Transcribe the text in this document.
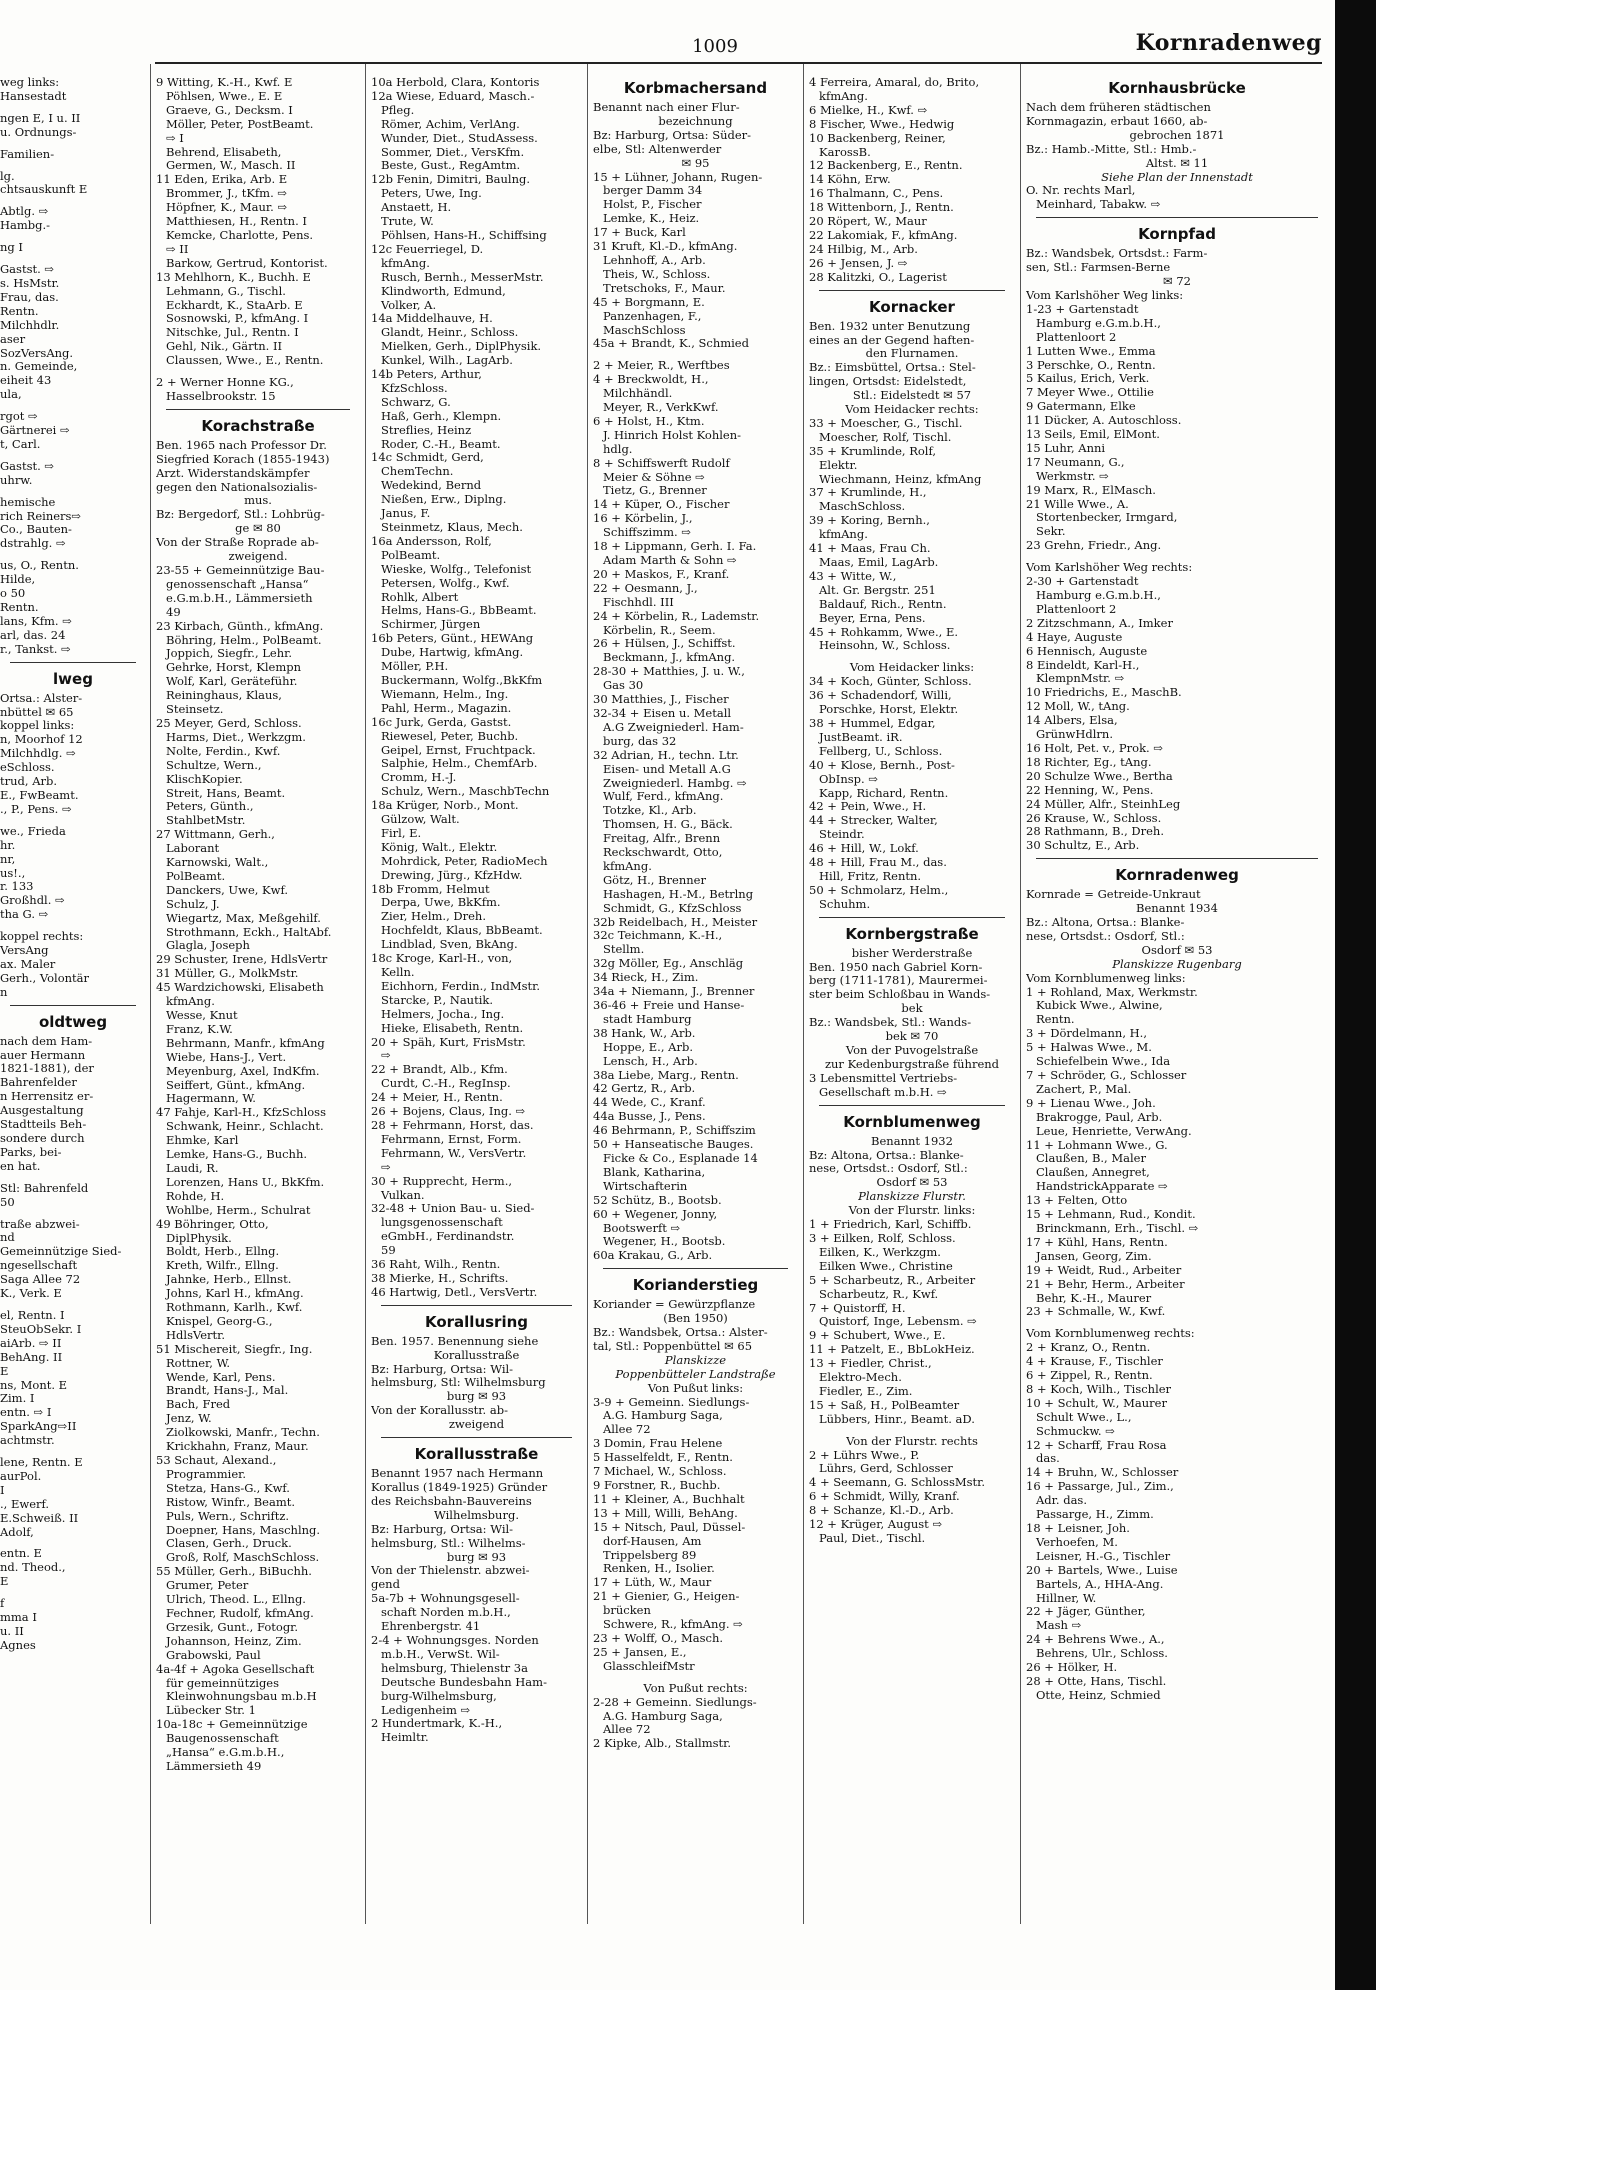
1009	Kornradenweg
weg links:
Hansestadt
ngen E, I u. II
u. Ordnungs-
Familien-
lg.
chtsauskunft E
Abtlg. ⇨
Hambg.-
ng I
Gastst. ⇨
s. HsMstr.
Frau, das.
Rentn.
Milchhdlr.
aser
SozVersAng.
n. Gemeinde,
eiheit 43
ula,
rgot ⇨
Gärtnerei ⇨
t, Carl.
Gastst. ⇨
uhrw.
hemische
rich Reiners⇨
Co., Bauten-
dstrahlg. ⇨
us, O., Rentn.
Hilde,
o 50
Rentn.
lans, Kfm. ⇨
arl, das. 24
r., Tankst. ⇨
lweg
Ortsa.: Alster-
nbüttel ✉ 65
koppel links:
n, Moorhof 12
Milchhdlg. ⇨
eSchloss.
trud, Arb.
E., FwBeamt.
., P., Pens. ⇨
we., Frieda
hr.
nr,
us!.,
r. 133
Großhdl. ⇨
tha G. ⇨
koppel rechts:
VersAng
ax. Maler
Gerh., Volontär
n
oldtweg
nach dem Ham-
auer Hermann
1821-1881), der
Bahrenfelder
n Herrensitz er-
Ausgestaltung
Stadtteils Beh-
sondere durch
Parks, bei-
en hat.
Stl: Bahrenfeld
50
traße abzwei-
nd
Gemeinnützige Sied-
ngesellschaft
Saga Allee 72
K., Verk. E
el, Rentn. I
SteuObSekr. I
aiArb. ⇨ II
BehAng. II
E
ns, Mont. E
Zim. I
entn. ⇨ I
SparkAng⇨II
achtmstr.
lene, Rentn. E
aurPol.
I
., Ewerf.
E.Schweiß. II
Adolf,
entn. E
nd. Theod.,
E
f
mma I
u. II
Agnes
9 Witting, K.-H., Kwf. E
Pöhlsen, Wwe., E. E
Graeve, G., Decksm. I
Möller, Peter, PostBeamt.
⇨ I
Behrend, Elisabeth,
Germen, W., Masch. II
11 Eden, Erika, Arb. E
Brommer, J., tKfm. ⇨
Höpfner, K., Maur. ⇨
Matthiesen, H., Rentn. I
Kemcke, Charlotte, Pens.
⇨ II
Barkow, Gertrud, Kontorist.
13 Mehlhorn, K., Buchh. E
Lehmann, G., Tischl.
Eckhardt, K., StaArb. E
Sosnowski, P., kfmAng. I
Nitschke, Jul., Rentn. I
Gehl, Nik., Gärtn. II
Claussen, Wwe., E., Rentn.
2 + Werner Honne KG.,
Hasselbrookstr. 15
Korachstraße
Ben. 1965 nach Professor Dr.
Siegfried Korach (1855-1943)
Arzt. Widerstandskämpfer
gegen den Nationalsozialis-
mus.
Bz: Bergedorf, Stl.: Lohbrüg-
ge ✉ 80
Von der Straße Roprade ab-
zweigend.
23-55 + Gemeinnützige Bau-
genossenschaft „Hansa“
e.G.m.b.H., Lämmersieth
49
23 Kirbach, Günth., kfmAng.
Böhring, Helm., PolBeamt.
Joppich, Siegfr., Lehr.
Gehrke, Horst, Klempn
Wolf, Karl, Geräteführ.
Reininghaus, Klaus,
Steinsetz.
25 Meyer, Gerd, Schloss.
Harms, Diet., Werkzgm.
Nolte, Ferdin., Kwf.
Schultze, Wern.,
KlischKopier.
Streit, Hans, Beamt.
Peters, Günth.,
StahlbetMstr.
27 Wittmann, Gerh.,
Laborant
Karnowski, Walt.,
PolBeamt.
Danckers, Uwe, Kwf.
Schulz, J.
Wiegartz, Max, Meßgehilf.
Strothmann, Eckh., HaltAbf.
Glagla, Joseph
29 Schuster, Irene, HdlsVertr
31 Müller, G., MolkMstr.
45 Wardzichowski, Elisabeth
kfmAng.
Wesse, Knut
Franz, K.W.
Behrmann, Manfr., kfmAng
Wiebe, Hans-J., Vert.
Meyenburg, Axel, IndKfm.
Seiffert, Günt., kfmAng.
Hagermann, W.
47 Fahje, Karl-H., KfzSchloss
Schwank, Heinr., Schlacht.
Ehmke, Karl
Lemke, Hans-G., Buchh.
Laudi, R.
Lorenzen, Hans U., BkKfm.
Rohde, H.
Wohlbe, Herm., Schulrat
49 Böhringer, Otto,
DiplPhysik.
Boldt, Herb., Ellng.
Kreth, Wilfr., Ellng.
Jahnke, Herb., Ellnst.
Johns, Karl H., kfmAng.
Rothmann, Karlh., Kwf.
Knispel, Georg-G.,
HdlsVertr.
51 Mischereit, Siegfr., Ing.
Rottner, W.
Wende, Karl, Pens.
Brandt, Hans-J., Mal.
Bach, Fred
Jenz, W.
Ziolkowski, Manfr., Techn.
Krickhahn, Franz, Maur.
53 Schaut, Alexand.,
Programmier.
Stetza, Hans-G., Kwf.
Ristow, Winfr., Beamt.
Puls, Wern., Schriftz.
Doepner, Hans, Maschlng.
Clasen, Gerh., Druck.
Groß, Rolf, MaschSchloss.
55 Müller, Gerh., BiBuchh.
Grumer, Peter
Ulrich, Theod. L., Ellng.
Fechner, Rudolf, kfmAng.
Grzesik, Gunt., Fotogr.
Johannson, Heinz, Zim.
Grabowski, Paul
4a-4f + Agoka Gesellschaft
für gemeinnütziges
Kleinwohnungsbau m.b.H
Lübecker Str. 1
10a-18c + Gemeinnützige
Baugenossenschaft
„Hansa“ e.G.m.b.H.,
Lämmersieth 49
10a Herbold, Clara, Kontoris
12a Wiese, Eduard, Masch.-
Pfleg.
Römer, Achim, VerlAng.
Wunder, Diet., StudAssess.
Sommer, Diet., VersKfm.
Beste, Gust., RegAmtm.
12b Fenin, Dimitri, Baulng.
Peters, Uwe, Ing.
Anstaett, H.
Trute, W.
Pöhlsen, Hans-H., Schiffsing
12c Feuerriegel, D.
kfmAng.
Rusch, Bernh., MesserMstr.
Klindworth, Edmund,
Volker, A.
14a Middelhauve, H.
Glandt, Heinr., Schloss.
Mielken, Gerh., DiplPhysik.
Kunkel, Wilh., LagArb.
14b Peters, Arthur,
KfzSchloss.
Schwarz, G.
Haß, Gerh., Klempn.
Streflies, Heinz
Roder, C.-H., Beamt.
14c Schmidt, Gerd,
ChemTechn.
Wedekind, Bernd
Nießen, Erw., Diplng.
Janus, F.
Steinmetz, Klaus, Mech.
16a Andersson, Rolf,
PolBeamt.
Wieske, Wolfg., Telefonist
Petersen, Wolfg., Kwf.
Rohlk, Albert
Helms, Hans-G., BbBeamt.
Schirmer, Jürgen
16b Peters, Günt., HEWAng
Dube, Hartwig, kfmAng.
Möller, P.H.
Buckermann, Wolfg.,BkKfm
Wiemann, Helm., Ing.
Pahl, Herm., Magazin.
16c Jurk, Gerda, Gastst.
Riewesel, Peter, Buchb.
Geipel, Ernst, Fruchtpack.
Salphie, Helm., ChemfArb.
Cromm, H.-J.
Schulz, Wern., MaschbTechn
18a Krüger, Norb., Mont.
Gülzow, Walt.
Firl, E.
König, Walt., Elektr.
Mohrdick, Peter, RadioMech
Drewing, Jürg., KfzHdw.
18b Fromm, Helmut
Derpa, Uwe, BkKfm.
Zier, Helm., Dreh.
Hochfeldt, Klaus, BbBeamt.
Lindblad, Sven, BkAng.
18c Kroge, Karl-H., von,
Kelln.
Eichhorn, Ferdin., IndMstr.
Starcke, P., Nautik.
Helmers, Jocha., Ing.
Hieke, Elisabeth, Rentn.
20 + Späh, Kurt, FrisMstr.
⇨
22 + Brandt, Alb., Kfm.
Curdt, C.-H., RegInsp.
24 + Meier, H., Rentn.
26 + Bojens, Claus, Ing. ⇨
28 + Fehrmann, Horst, das.
Fehrmann, Ernst, Form.
Fehrmann, W., VersVertr.
⇨
30 + Rupprecht, Herm.,
Vulkan.
32-48 + Union Bau- u. Sied-
lungsgenossenschaft
eGmbH., Ferdinandstr.
59
36 Raht, Wilh., Rentn.
38 Mierke, H., Schrifts.
46 Hartwig, Detl., VersVertr.
Korallusring
Ben. 1957. Benennung siehe
Korallusstraße
Bz: Harburg, Ortsa: Wil-
helmsburg, Stl: Wilhelmsburg
burg ✉ 93
Von der Korallusstr. ab-
zweigend
Korallusstraße
Benannt 1957 nach Hermann
Korallus (1849-1925) Gründer
des Reichsbahn-Bauvereins
Wilhelmsburg.
Bz: Harburg, Ortsa: Wil-
helmsburg, Stl.: Wilhelms-
burg ✉ 93
Von der Thielenstr. abzwei-
gend
5a-7b + Wohnungsgesell-
schaft Norden m.b.H.,
Ehrenbergstr. 41
2-4 + Wohnungsges. Norden
m.b.H., VerwSt. Wil-
helmsburg, Thielenstr 3a
Deutsche Bundesbahn Ham-
burg-Wilhelmsburg,
Ledigenheim ⇨
2 Hundertmark, K.-H.,
Heimltr.
Korbmachersand
Benannt nach einer Flur-
bezeichnung
Bz: Harburg, Ortsa: Süder-
elbe, Stl: Altenwerder
✉ 95
15 + Lühner, Johann, Rugen-
berger Damm 34
Holst, P., Fischer
Lemke, K., Heiz.
17 + Buck, Karl
31 Kruft, Kl.-D., kfmAng.
Lehnhoff, A., Arb.
Theis, W., Schloss.
Tretschoks, F., Maur.
45 + Borgmann, E.
Panzenhagen, F.,
MaschSchloss
45a + Brandt, K., Schmied
2 + Meier, R., Werftbes
4 + Breckwoldt, H.,
Milchhändl.
Meyer, R., VerkKwf.
6 + Holst, H., Ktm.
J. Hinrich Holst Kohlen-
hdlg.
8 + Schiffswerft Rudolf
Meier & Söhne ⇨
Tietz, G., Brenner
14 + Küper, O., Fischer
16 + Körbelin, J.,
Schiffszimm. ⇨
18 + Lippmann, Gerh. I. Fa.
Adam Marth & Sohn ⇨
20 + Maskos, F., Kranf.
22 + Oesmann, J.,
Fischhdl. III
24 + Körbelin, R., Lademstr.
Körbelin, R., Seem.
26 + Hülsen, J., Schiffst.
Beckmann, J., kfmAng.
28-30 + Matthies, J. u. W.,
Gas 30
30 Matthies, J., Fischer
32-34 + Eisen u. Metall
A.G Zweigniederl. Ham-
burg, das 32
32 Adrian, H., techn. Ltr.
Eisen- und Metall A.G
Zweigniederl. Hambg. ⇨
Wulf, Ferd., kfmAng.
Totzke, Kl., Arb.
Thomsen, H. G., Bäck.
Freitag, Alfr., Brenn
Reckschwardt, Otto,
kfmAng.
Götz, H., Brenner
Hashagen, H.-M., Betrlng
Schmidt, G., KfzSchloss
32b Reidelbach, H., Meister
32c Teichmann, K.-H.,
Stellm.
32g Möller, Eg., Anschläg
34 Rieck, H., Zim.
34a + Niemann, J., Brenner
36-46 + Freie und Hanse-
stadt Hamburg
38 Hank, W., Arb.
Hoppe, E., Arb.
Lensch, H., Arb.
38a Liebe, Marg., Rentn.
42 Gertz, R., Arb.
44 Wede, C., Kranf.
44a Busse, J., Pens.
46 Behrmann, P., Schiffszim
50 + Hanseatische Bauges.
Ficke & Co., Esplanade 14
Blank, Katharina,
Wirtschafterin
52 Schütz, B., Bootsb.
60 + Wegener, Jonny,
Bootswerft ⇨
Wegener, H., Bootsb.
60a Krakau, G., Arb.
Korianderstieg
Koriander = Gewürzpflanze
(Ben 1950)
Bz.: Wandsbek, Ortsa.: Alster-
tal, Stl.: Poppenbüttel ✉ 65
Planskizze
Poppenbütteler Landstraße
Von Pußut links:
3-9 + Gemeinn. Siedlungs-
A.G. Hamburg Saga,
Allee 72
3 Domin, Frau Helene
5 Hasselfeldt, F., Rentn.
7 Michael, W., Schloss.
9 Forstner, R., Buchb.
11 + Kleiner, A., Buchhalt
13 + Mill, Willi, BehAng.
15 + Nitsch, Paul, Düssel-
dorf-Hausen, Am
Trippelsberg 89
Renken, H., Isolier.
17 + Lüth, W., Maur
21 + Gienier, G., Heigen-
brücken
Schwere, R., kfmAng. ⇨
23 + Wolff, O., Masch.
25 + Jansen, E.,
GlasschleifMstr
Von Pußut rechts:
2-28 + Gemeinn. Siedlungs-
A.G. Hamburg Saga,
Allee 72
2 Kipke, Alb., Stallmstr.
4 Ferreira, Amaral, do, Brito,
kfmAng.
6 Mielke, H., Kwf. ⇨
8 Fischer, Wwe., Hedwig
10 Backenberg, Reiner,
KarossB.
12 Backenberg, E., Rentn.
14 Köhn, Erw.
16 Thalmann, C., Pens.
18 Wittenborn, J., Rentn.
20 Röpert, W., Maur
22 Lakomiak, F., kfmAng.
24 Hilbig, M., Arb.
26 + Jensen, J. ⇨
28 Kalitzki, O., Lagerist
Kornacker
Ben. 1932 unter Benutzung
eines an der Gegend haften-
den Flurnamen.
Bz.: Eimsbüttel, Ortsa.: Stel-
lingen, Ortsdst: Eidelstedt,
Stl.: Eidelstedt ✉ 57
Vom Heidacker rechts:
33 + Moescher, G., Tischl.
Moescher, Rolf, Tischl.
35 + Krumlinde, Rolf,
Elektr.
Wiechmann, Heinz, kfmAng
37 + Krumlinde, H.,
MaschSchloss.
39 + Koring, Bernh.,
kfmAng.
41 + Maas, Frau Ch.
Maas, Emil, LagArb.
43 + Witte, W.,
Alt. Gr. Bergstr. 251
Baldauf, Rich., Rentn.
Beyer, Erna, Pens.
45 + Rohkamm, Wwe., E.
Heinsohn, W., Schloss.
Vom Heidacker links:
34 + Koch, Günter, Schloss.
36 + Schadendorf, Willi,
Porschke, Horst, Elektr.
38 + Hummel, Edgar,
JustBeamt. iR.
Fellberg, U., Schloss.
40 + Klose, Bernh., Post-
ObInsp. ⇨
Kapp, Richard, Rentn.
42 + Pein, Wwe., H.
44 + Strecker, Walter,
Steindr.
46 + Hill, W., Lokf.
48 + Hill, Frau M., das.
Hill, Fritz, Rentn.
50 + Schmolarz, Helm.,
Schuhm.
Kornbergstraße
bisher Werderstraße
Ben. 1950 nach Gabriel Korn-
berg (1711-1781), Maurermei-
ster beim Schloßbau in Wands-
bek
Bz.: Wandsbek, Stl.: Wands-
bek ✉ 70
Von der Puvogelstraße
zur Kedenburgstraße führend
3 Lebensmittel Vertriebs-
Gesellschaft m.b.H. ⇨
Kornblumenweg
Benannt 1932
Bz: Altona, Ortsa.: Blanke-
nese, Ortsdst.: Osdorf, Stl.:
Osdorf ✉ 53
Planskizze Flurstr.
Von der Flurstr. links:
1 + Friedrich, Karl, Schiffb.
3 + Eilken, Rolf, Schloss.
Eilken, K., Werkzgm.
Eilken Wwe., Christine
5 + Scharbeutz, R., Arbeiter
Scharbeutz, R., Kwf.
7 + Quistorff, H.
Quistorf, Inge, Lebensm. ⇨
9 + Schubert, Wwe., E.
11 + Patzelt, E., BbLokHeiz.
13 + Fiedler, Christ.,
Elektro-Mech.
Fiedler, E., Zim.
15 + Saß, H., PolBeamter
Lübbers, Hinr., Beamt. aD.
Von der Flurstr. rechts
2 + Lührs Wwe., P.
Lührs, Gerd, Schlosser
4 + Seemann, G. SchlossMstr.
6 + Schmidt, Willy, Kranf.
8 + Schanze, Kl.-D., Arb.
12 + Krüger, August ⇨
Paul, Diet., Tischl.
Kornhausbrücke
Nach dem früheren städtischen
Kornmagazin, erbaut 1660, ab-
gebrochen 1871
Bz.: Hamb.-Mitte, Stl.: Hmb.-
Altst. ✉ 11
Siehe Plan der Innenstadt
O. Nr. rechts Marl,
Meinhard, Tabakw. ⇨
Kornpfad
Bz.: Wandsbek, Ortsdst.: Farm-
sen, Stl.: Farmsen-Berne
✉ 72
Vom Karlshöher Weg links:
1-23 + Gartenstadt
Hamburg e.G.m.b.H.,
Plattenloort 2
1 Lutten Wwe., Emma
3 Perschke, O., Rentn.
5 Kailus, Erich, Verk.
7 Meyer Wwe., Ottilie
9 Gatermann, Elke
11 Dücker, A. Autoschloss.
13 Seils, Emil, ElMont.
15 Luhr, Anni
17 Neumann, G.,
Werkmstr. ⇨
19 Marx, R., ElMasch.
21 Wille Wwe., A.
Stortenbecker, Irmgard,
Sekr.
23 Grehn, Friedr., Ang.
Vom Karlshöher Weg rechts:
2-30 + Gartenstadt
Hamburg e.G.m.b.H.,
Plattenloort 2
2 Zitzschmann, A., Imker
4 Haye, Auguste
6 Hennisch, Auguste
8 Eindeldt, Karl-H.,
KlempnMstr. ⇨
10 Friedrichs, E., MaschB.
12 Moll, W., tAng.
14 Albers, Elsa,
GrünwHdlrn.
16 Holt, Pet. v., Prok. ⇨
18 Richter, Eg., tAng.
20 Schulze Wwe., Bertha
22 Henning, W., Pens.
24 Müller, Alfr., SteinhLeg
26 Krause, W., Schloss.
28 Rathmann, B., Dreh.
30 Schultz, E., Arb.
Kornradenweg
Kornrade = Getreide-Unkraut
Benannt 1934
Bz.: Altona, Ortsa.: Blanke-
nese, Ortsdst.: Osdorf, Stl.:
Osdorf ✉ 53
Planskizze Rugenbarg
Vom Kornblumenweg links:
1 + Rohland, Max, Werkmstr.
Kubick Wwe., Alwine,
Rentn.
3 + Dördelmann, H.,
5 + Halwas Wwe., M.
Schiefelbein Wwe., Ida
7 + Schröder, G., Schlosser
Zachert, P., Mal.
9 + Lienau Wwe., Joh.
Brakrogge, Paul, Arb.
Leue, Henriette, VerwAng.
11 + Lohmann Wwe., G.
Claußen, B., Maler
Claußen, Annegret,
HandstrickApparate ⇨
13 + Felten, Otto
15 + Lehmann, Rud., Kondit.
Brinckmann, Erh., Tischl. ⇨
17 + Kühl, Hans, Rentn.
Jansen, Georg, Zim.
19 + Weidt, Rud., Arbeiter
21 + Behr, Herm., Arbeiter
Behr, K.-H., Maurer
23 + Schmalle, W., Kwf.
Vom Kornblumenweg rechts:
2 + Kranz, O., Rentn.
4 + Krause, F., Tischler
6 + Zippel, R., Rentn.
8 + Koch, Wilh., Tischler
10 + Schult, W., Maurer
Schult Wwe., L.,
Schmuckw. ⇨
12 + Scharff, Frau Rosa
das.
14 + Bruhn, W., Schlosser
16 + Passarge, Jul., Zim.,
Adr. das.
Passarge, H., Zimm.
18 + Leisner, Joh.
Verhoefen, M.
Leisner, H.-G., Tischler
20 + Bartels, Wwe., Luise
Bartels, A., HHA-Ang.
Hillner, W.
22 + Jäger, Günther,
Mash ⇨
24 + Behrens Wwe., A.,
Behrens, Ulr., Schloss.
26 + Hölker, H.
28 + Otte, Hans, Tischl.
Otte, Heinz, Schmied
